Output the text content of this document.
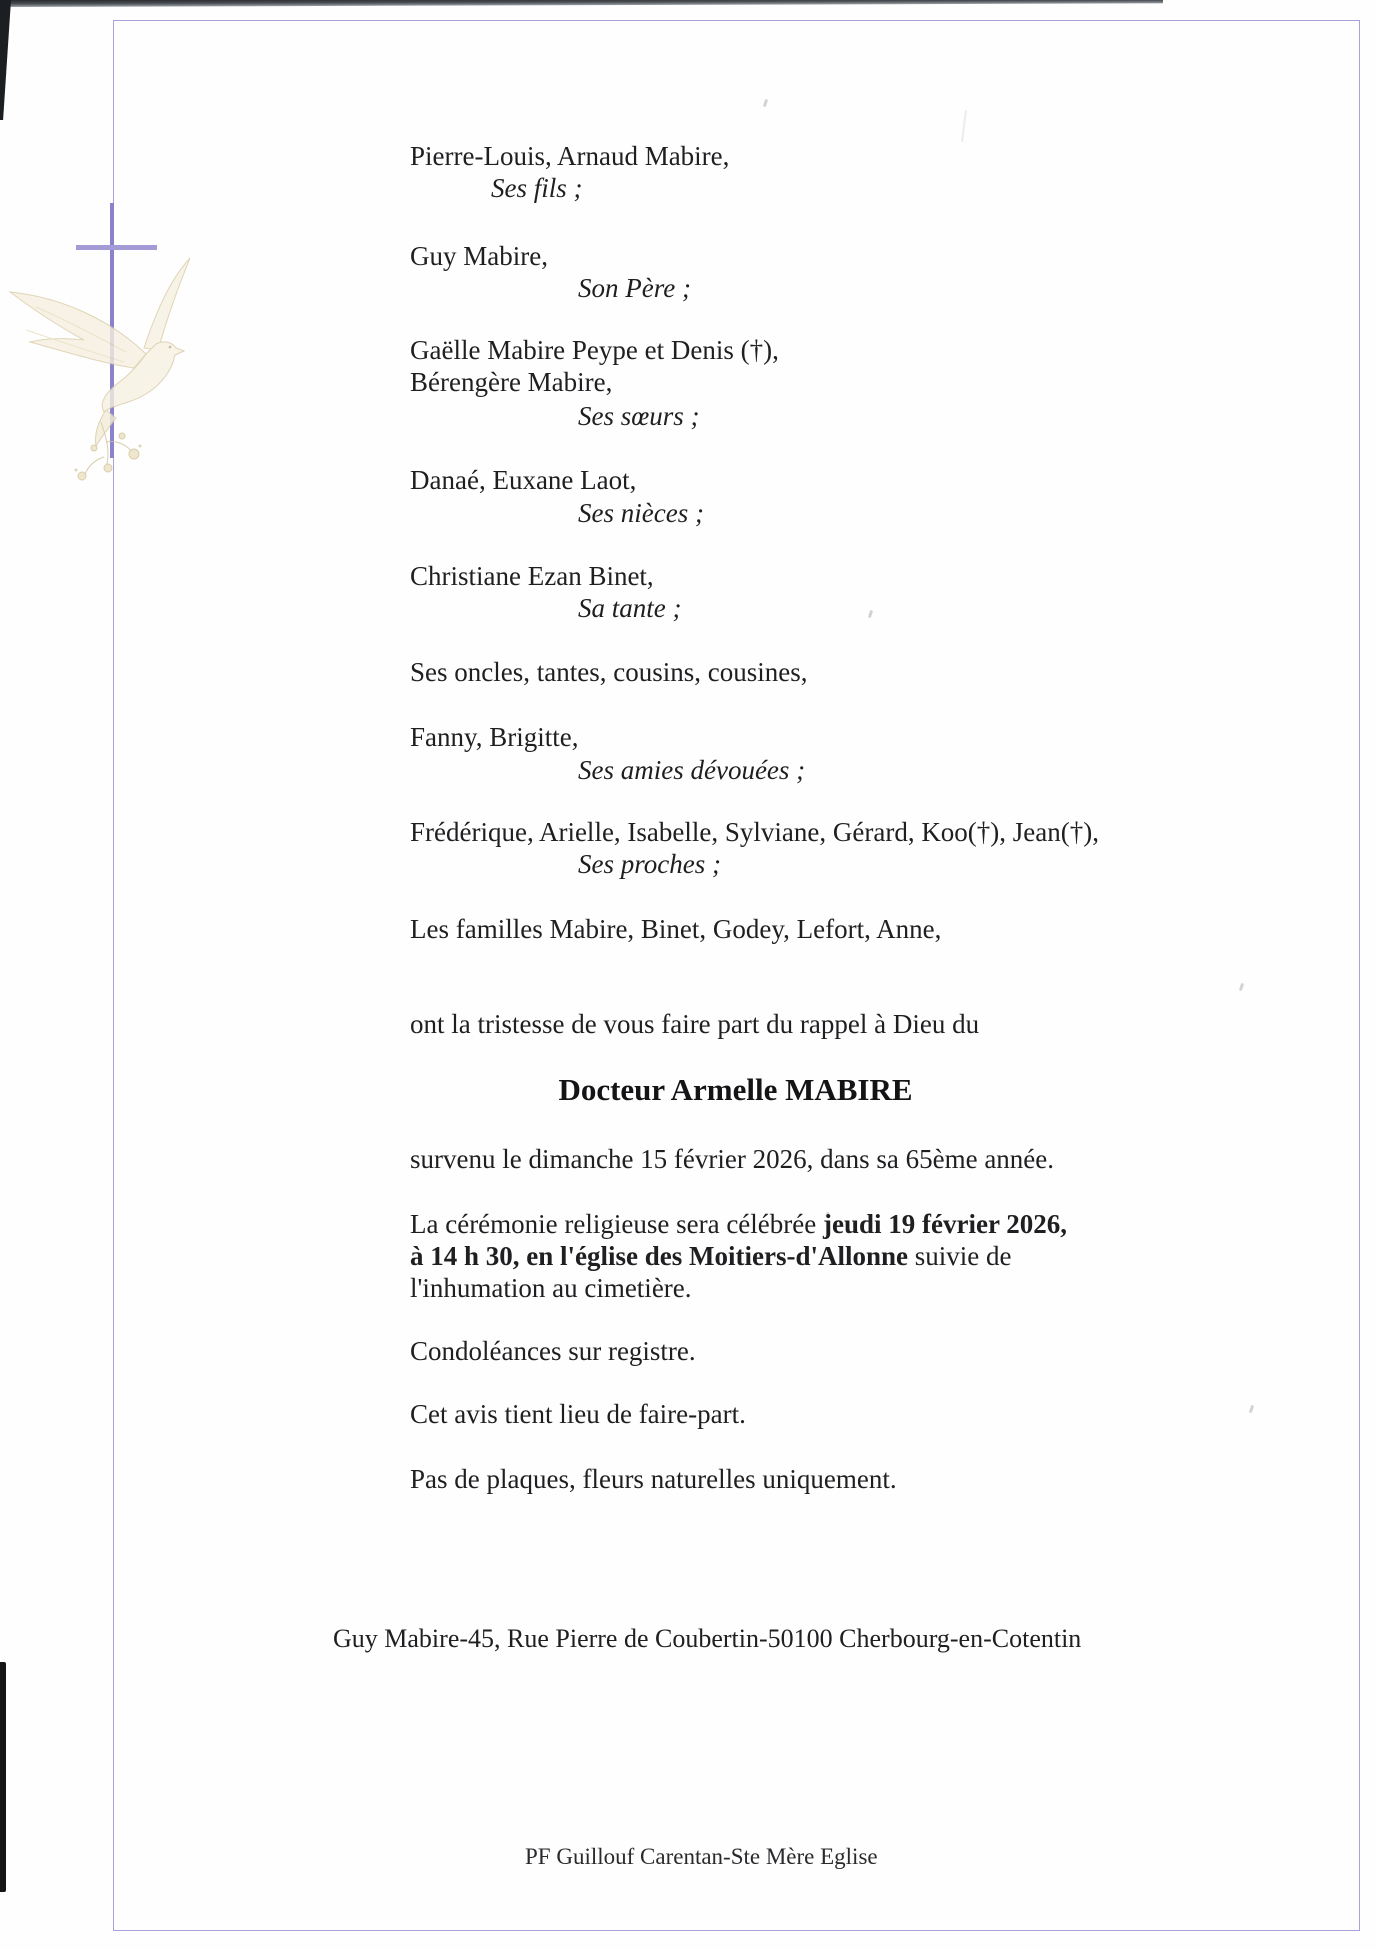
Pierre-Louis, Arnaud Mabire,
Ses fils ;
Guy Mabire,
Son Père ;
Gaëlle Mabire Peype et Denis (†),
Bérengère Mabire,
Ses sœurs ;
Danaé, Euxane Laot,
Ses nièces ;
Christiane Ezan Binet,
Sa tante ;
Ses oncles, tantes, cousins, cousines,
Fanny, Brigitte,
Ses amies dévouées ;
Frédérique, Arielle, Isabelle, Sylviane, Gérard, Koo(†), Jean(†),
Ses proches ;
Les familles Mabire, Binet, Godey, Lefort, Anne,
ont la tristesse de vous faire part du rappel à Dieu du
Docteur Armelle MABIRE
survenu le dimanche 15 février 2026, dans sa 65ème année.
La cérémonie religieuse sera célébrée jeudi 19 février 2026,
à 14 h 30, en l'église des Moitiers-d'Allonne suivie de
l'inhumation au cimetière.
Condoléances sur registre.
Cet avis tient lieu de faire-part.
Pas de plaques, fleurs naturelles uniquement.
Guy Mabire-45, Rue Pierre de Coubertin-50100 Cherbourg-en-Cotentin
PF Guillouf Carentan-Ste Mère Eglise
